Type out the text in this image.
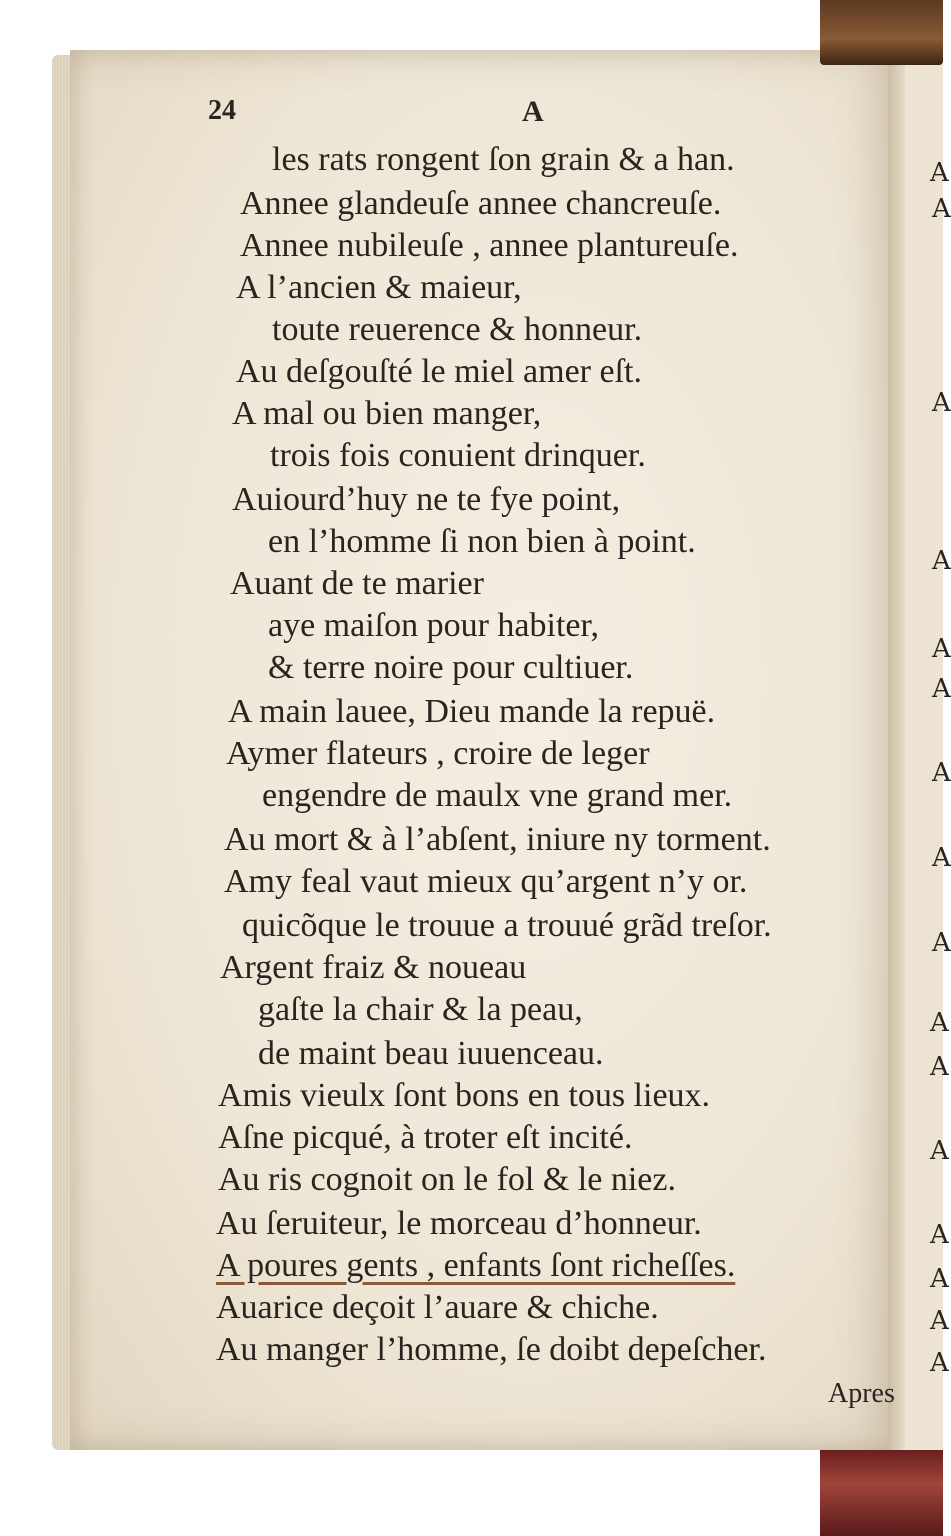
24	A
les rats rongent ſon grain & a han.
Annee glandeuſe annee chancreuſe.
Annee nubileuſe , annee plantureuſe.
A l’ancien & maieur,
toute reuerence & honneur.
Au deſgouſté le miel amer eſt.
A mal ou bien manger,
trois fois conuient drinquer.
Auiourd’huy ne te fye point,
en l’homme ſi non bien à point.
Auant de te marier
aye maiſon pour habiter,
& terre noire pour cultiuer.
A main lauee, Dieu mande la repuë.
Aymer flateurs , croire de leger
engendre de maulx vne grand mer.
Au mort & à l’abſent, iniure ny torment.
Amy feal vaut mieux qu’argent n’y or.
quicõque le trouue a trouué grãd treſor.
Argent fraiz & noueau
gaſte la chair & la peau,
de maint beau iuuenceau.
Amis vieulx ſont bons en tous lieux.
Aſne picqué, à troter eſt incité.
Au ris cognoit on le fol & le niez.
Au ſeruiteur, le morceau d’honneur.
A poures gents , enfants ſont richeſſes.
Auarice deçoit l’auare & chiche.
Au manger l’homme, ſe doibt depeſcher.
Apres
A
A
A
A
A
A
A
A
A
A
A
A
A
A
A
A
